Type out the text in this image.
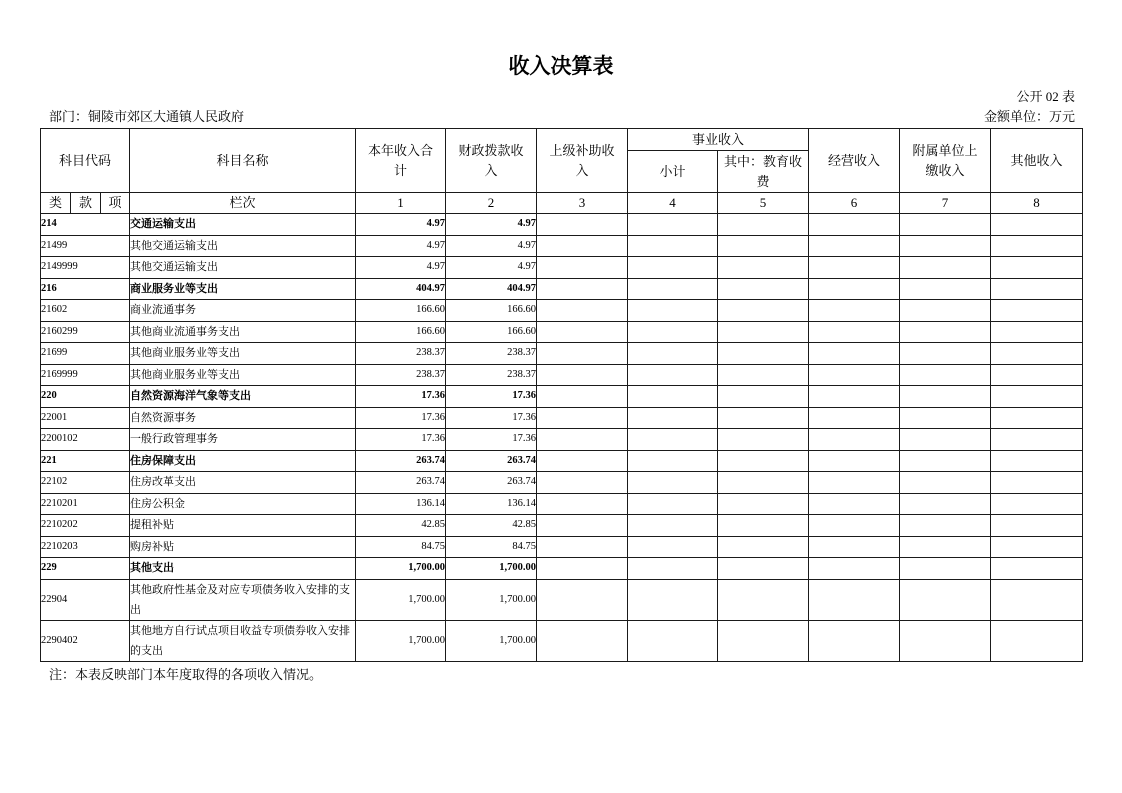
收入决算表
公开 02 表
部门：铜陵市郊区大通镇人民政府	金额单位：万元
科目代码			科目名称	本年收入合计	财政拨款收入	上级补助收入	事业收入		经营收入	附属单位上缴收入	其他收入
							小计	其中：教育收费			
类	款	项	栏次	1	2	3	4	5	6	7	8
214			交通运输支出	4.97	4.97						
21499			其他交通运输支出	4.97	4.97						
2149999			其他交通运输支出	4.97	4.97						
216			商业服务业等支出	404.97	404.97						
21602			商业流通事务	166.60	166.60						
2160299			其他商业流通事务支出	166.60	166.60						
21699			其他商业服务业等支出	238.37	238.37						
2169999			其他商业服务业等支出	238.37	238.37						
220			自然资源海洋气象等支出	17.36	17.36						
22001			自然资源事务	17.36	17.36						
2200102			一般行政管理事务	17.36	17.36						
221			住房保障支出	263.74	263.74						
22102			住房改革支出	263.74	263.74						
2210201			住房公积金	136.14	136.14						
2210202			提租补贴	42.85	42.85						
2210203			购房补贴	84.75	84.75						
229			其他支出	1,700.00	1,700.00						
22904			其他政府性基金及对应专项债务收入安排的支出	1,700.00	1,700.00						
2290402			其他地方自行试点项目收益专项债券收入安排的支出	1,700.00	1,700.00						
注：本表反映部门本年度取得的各项收入情况。
